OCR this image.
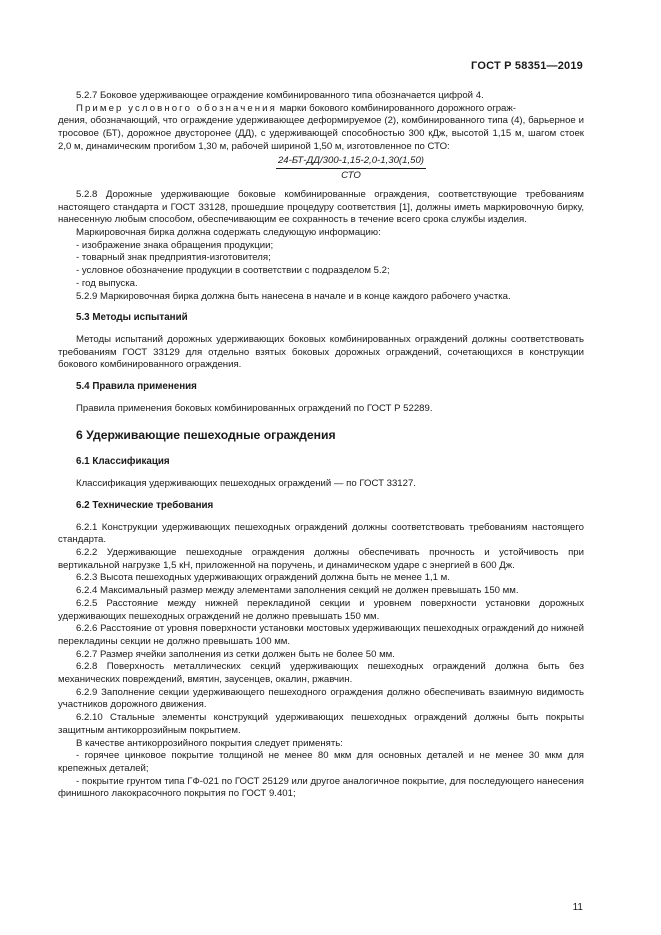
ГОСТ Р 58351—2019

5.2.7 Боковое удерживающее ограждение комбинированного типа обозначается цифрой 4.

Пример условного обозначения марки бокового комбинированного дорожного ограж-

дения, обозначающий, что ограждение удерживающее деформируемое (2), комбинированного типа (4), барьерное и тросовое (БТ), дорожное двусторонее (ДД), с удерживающей способностью 300 кДж, высотой 1,15 м, шагом стоек 2,0 м, динамическим прогибом 1,30 м, рабочей шириной 1,50 м, изготовленное по СТО:

$\frac{24-БТ-ДД/300-1,15-2,0-1,30(1,50)}{\text{СТО}}$

5.2.8 Дорожные удерживающие боковые комбинированные ограждения, соответствующие требованиям настоящего стандарта и ГОСТ 33128, прошедшие процедуру соответствия [1], должны иметь маркировочную бирку, нанесенную любым способом, обеспечивающим ее сохранность в течение всего срока службы изделия.

Маркировочная бирка должна содержать следующую информацию:

- изображение знака обращения продукции;

- товарный знак предприятия-изготовителя;

- условное обозначение продукции в соответствии с подразделом 5.2;

- год выпуска.

5.2.9 Маркировочная бирка должна быть нанесена в начале и в конце каждого рабочего участка.

5.3 Методы испытаний

Методы испытаний дорожных удерживающих боковых комбинированных ограждений должны соответствовать требованиям ГОСТ 33129 для отдельно взятых боковых дорожных ограждений, сочетающихся в конструкции бокового комбинированного ограждения.

5.4 Правила применения

Правила применения боковых комбинированных ограждений по ГОСТ Р 52289.

6 Удерживающие пешеходные ограждения

6.1 Классификация

Классификация удерживающих пешеходных ограждений — по ГОСТ 33127.

6.2 Технические требования

6.2.1 Конструкции удерживающих пешеходных ограждений должны соответствовать требованиям настоящего стандарта.

6.2.2 Удерживающие пешеходные ограждения должны обеспечивать прочность и устойчивость при вертикальной нагрузке 1,5 кН, приложенной на поручень, и динамическом ударе с энергией в 600 Дж.

6.2.3 Высота пешеходных удерживающих ограждений должна быть не менее 1,1 м.

6.2.4 Максимальный размер между элементами заполнения секций не должен превышать 150 мм.

6.2.5 Расстояние между нижней перекладиной секции и уровнем поверхности установки дорожных удерживающих пешеходных ограждений не должно превышать 150 мм.

6.2.6 Расстояние от уровня поверхности установки мостовых удерживающих пешеходных ограждений до нижней перекладины секции не должно превышать 100 мм.

6.2.7 Размер ячейки заполнения из сетки должен быть не более 50 мм.

6.2.8 Поверхность металлических секций удерживающих пешеходных ограждений должна быть без механических повреждений, вмятин, заусенцев, окалин, ржавчин.

6.2.9 Заполнение секции удерживающего пешеходного ограждения должно обеспечивать взаимную видимость участников дорожного движения.

6.2.10 Стальные элементы конструкций удерживающих пешеходных ограждений должны быть покрыты защитным антикоррозийным покрытием.

В качестве антикоррозийного покрытия следует применять:

- горячее цинковое покрытие толщиной не менее 80 мкм для основных деталей и не менее 30 мкм для крепежных деталей;

- покрытие грунтом типа ГФ-021 по ГОСТ 25129 или другое аналогичное покрытие, для последующего нанесения финишного лакокрасочного покрытия по ГОСТ 9.401;

11
